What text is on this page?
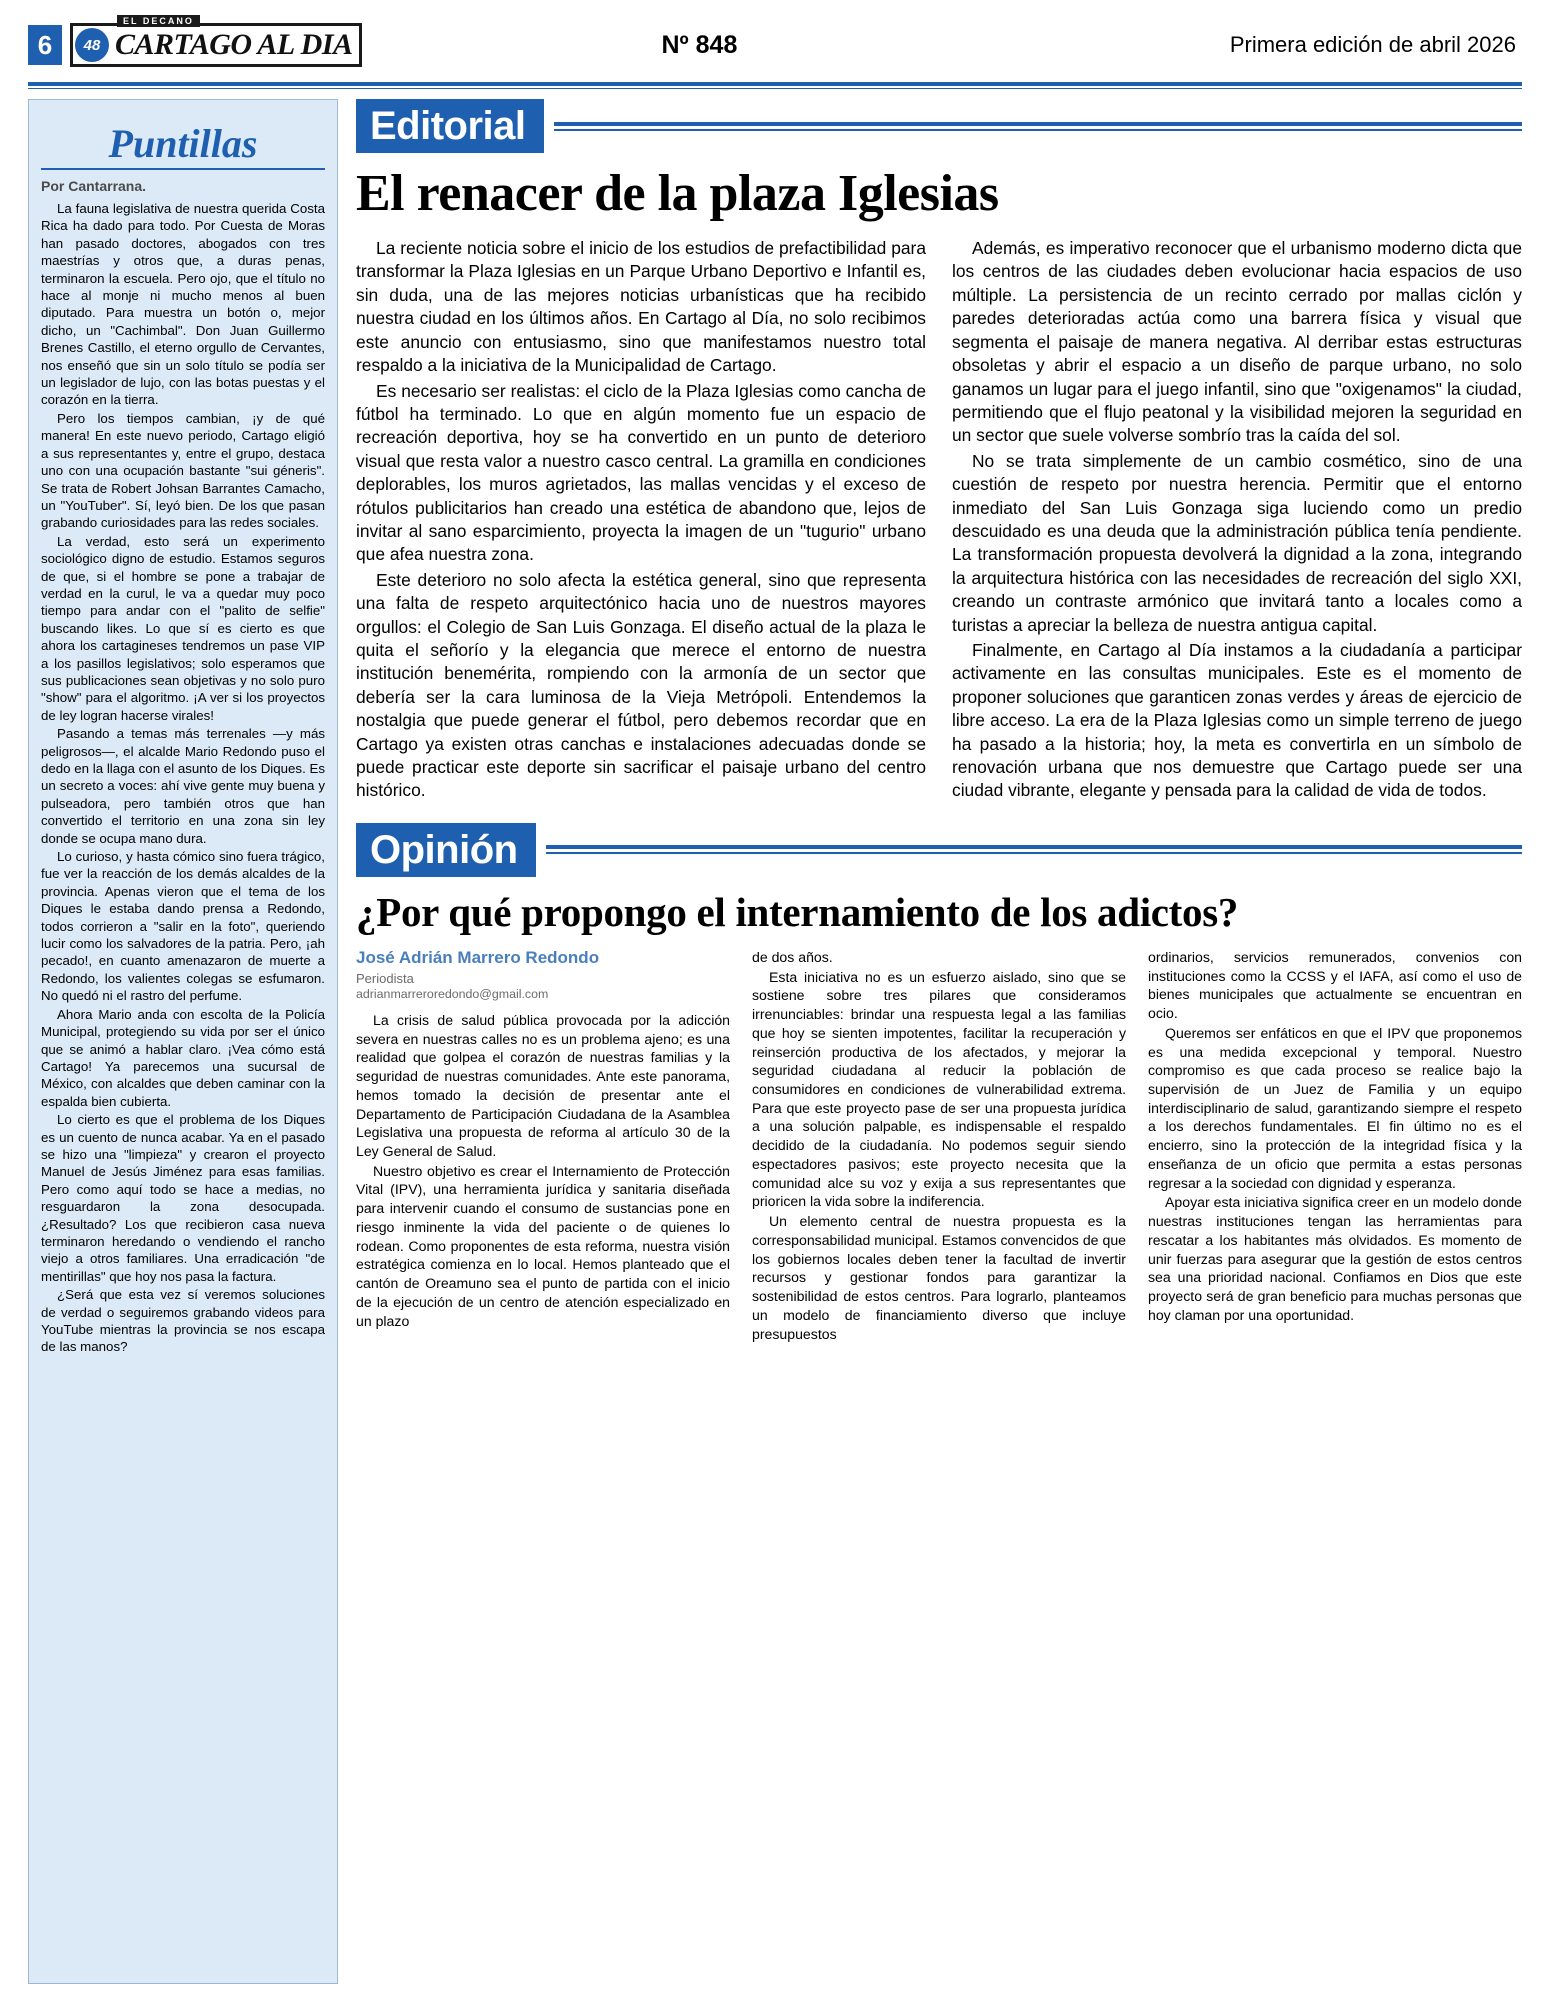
6
EL DECANO
48 CARTAGO AL DIA	Nº 848	Primera edición de abril 2026
Puntillas
Por Cantarrana.

La fauna legislativa de nuestra querida Costa Rica ha dado para todo. Por Cuesta de Moras han pasado doctores, abogados con tres maestrías y otros que, a duras penas, terminaron la escuela. Pero ojo, que el título no hace al monje ni mucho menos al buen diputado. Para muestra un botón o, mejor dicho, un "Cachimbal". Don Juan Guillermo Brenes Castillo, el eterno orgullo de Cervantes, nos enseñó que sin un solo título se podía ser un legislador de lujo, con las botas puestas y el corazón en la tierra.

Pero los tiempos cambian, ¡y de qué manera! En este nuevo periodo, Cartago eligió a sus representantes y, entre el grupo, destaca uno con una ocupación bastante "sui géneris". Se trata de Robert Johsan Barrantes Camacho, un "YouTuber". Sí, leyó bien. De los que pasan grabando curiosidades para las redes sociales.

La verdad, esto será un experimento sociológico digno de estudio. Estamos seguros de que, si el hombre se pone a trabajar de verdad en la curul, le va a quedar muy poco tiempo para andar con el "palito de selfie" buscando likes. Lo que sí es cierto es que ahora los cartagineses tendremos un pase VIP a los pasillos legislativos; solo esperamos que sus publicaciones sean objetivas y no solo puro "show" para el algoritmo. ¡A ver si los proyectos de ley logran hacerse virales!

Pasando a temas más terrenales —y más peligrosos—, el alcalde Mario Redondo puso el dedo en la llaga con el asunto de los Diques. Es un secreto a voces: ahí vive gente muy buena y pulseadora, pero también otros que han convertido el territorio en una zona sin ley donde se ocupa mano dura.

Lo curioso, y hasta cómico sino fuera trágico, fue ver la reacción de los demás alcaldes de la provincia. Apenas vieron que el tema de los Diques le estaba dando prensa a Redondo, todos corrieron a "salir en la foto", queriendo lucir como los salvadores de la patria. Pero, ¡ah pecado!, en cuanto amenazaron de muerte a Redondo, los valientes colegas se esfumaron. No quedó ni el rastro del perfume.

Ahora Mario anda con escolta de la Policía Municipal, protegiendo su vida por ser el único que se animó a hablar claro. ¡Vea cómo está Cartago! Ya parecemos una sucursal de México, con alcaldes que deben caminar con la espalda bien cubierta.

Lo cierto es que el problema de los Diques es un cuento de nunca acabar. Ya en el pasado se hizo una "limpieza" y crearon el proyecto Manuel de Jesús Jiménez para esas familias. Pero como aquí todo se hace a medias, no resguardaron la zona desocupada. ¿Resultado? Los que recibieron casa nueva terminaron heredando o vendiendo el rancho viejo a otros familiares. Una erradicación "de mentirillas" que hoy nos pasa la factura.

¿Será que esta vez sí veremos soluciones de verdad o seguiremos grabando videos para YouTube mientras la provincia se nos escapa de las manos?

Editorial
El renacer de la plaza Iglesias

La reciente noticia sobre el inicio de los estudios de prefactibilidad para transformar la Plaza Iglesias en un Parque Urbano Deportivo e Infantil es, sin duda, una de las mejores noticias urbanísticas que ha recibido nuestra ciudad en los últimos años. En Cartago al Día, no solo recibimos este anuncio con entusiasmo, sino que manifestamos nuestro total respaldo a la iniciativa de la Municipalidad de Cartago.

Es necesario ser realistas: el ciclo de la Plaza Iglesias como cancha de fútbol ha terminado. Lo que en algún momento fue un espacio de recreación deportiva, hoy se ha convertido en un punto de deterioro visual que resta valor a nuestro casco central. La gramilla en condiciones deplorables, los muros agrietados, las mallas vencidas y el exceso de rótulos publicitarios han creado una estética de abandono que, lejos de invitar al sano esparcimiento, proyecta la imagen de un "tugurio" urbano que afea nuestra zona.

Este deterioro no solo afecta la estética general, sino que representa una falta de respeto arquitectónico hacia uno de nuestros mayores orgullos: el Colegio de San Luis Gonzaga. El diseño actual de la plaza le quita el señorío y la elegancia que merece el entorno de nuestra institución benemérita, rompiendo con la armonía de un sector que debería ser la cara luminosa de la Vieja Metrópoli. Entendemos la nostalgia que puede generar el fútbol, pero debemos recordar que en Cartago ya existen otras canchas e instalaciones adecuadas donde se puede practicar este deporte sin sacrificar el paisaje urbano del centro histórico.

Además, es imperativo reconocer que el urbanismo moderno dicta que los centros de las ciudades deben evolucionar hacia espacios de uso múltiple. La persistencia de un recinto cerrado por mallas ciclón y paredes deterioradas actúa como una barrera física y visual que segmenta el paisaje de manera negativa. Al derribar estas estructuras obsoletas y abrir el espacio a un diseño de parque urbano, no solo ganamos un lugar para el juego infantil, sino que "oxigenamos" la ciudad, permitiendo que el flujo peatonal y la visibilidad mejoren la seguridad en un sector que suele volverse sombrío tras la caída del sol.

No se trata simplemente de un cambio cosmético, sino de una cuestión de respeto por nuestra herencia. Permitir que el entorno inmediato del San Luis Gonzaga siga luciendo como un predio descuidado es una deuda que la administración pública tenía pendiente. La transformación propuesta devolverá la dignidad a la zona, integrando la arquitectura histórica con las necesidades de recreación del siglo XXI, creando un contraste armónico que invitará tanto a locales como a turistas a apreciar la belleza de nuestra antigua capital.

Finalmente, en Cartago al Día instamos a la ciudadanía a participar activamente en las consultas municipales. Este es el momento de proponer soluciones que garanticen zonas verdes y áreas de ejercicio de libre acceso. La era de la Plaza Iglesias como un simple terreno de juego ha pasado a la historia; hoy, la meta es convertirla en un símbolo de renovación urbana que nos demuestre que Cartago puede ser una ciudad vibrante, elegante y pensada para la calidad de vida de todos.

Opinión
¿Por qué propongo el internamiento de los adictos?
José Adrián Marrero Redondo
Periodista
adrianmarreroredondo@gmail.com

La crisis de salud pública provocada por la adicción severa en nuestras calles no es un problema ajeno; es una realidad que golpea el corazón de nuestras familias y la seguridad de nuestras comunidades. Ante este panorama, hemos tomado la decisión de presentar ante el Departamento de Participación Ciudadana de la Asamblea Legislativa una propuesta de reforma al artículo 30 de la Ley General de Salud.

Nuestro objetivo es crear el Internamiento de Protección Vital (IPV), una herramienta jurídica y sanitaria diseñada para intervenir cuando el consumo de sustancias pone en riesgo inminente la vida del paciente o de quienes lo rodean. Como proponentes de esta reforma, nuestra visión estratégica comienza en lo local. Hemos planteado que el cantón de Oreamuno sea el punto de partida con el inicio de la ejecución de un centro de atención especializado en un plazo

de dos años.

Esta iniciativa no es un esfuerzo aislado, sino que se sostiene sobre tres pilares que consideramos irrenunciables: brindar una respuesta legal a las familias que hoy se sienten impotentes, facilitar la recuperación y reinserción productiva de los afectados, y mejorar la seguridad ciudadana al reducir la población de consumidores en condiciones de vulnerabilidad extrema. Para que este proyecto pase de ser una propuesta jurídica a una solución palpable, es indispensable el respaldo decidido de la ciudadanía. No podemos seguir siendo espectadores pasivos; este proyecto necesita que la comunidad alce su voz y exija a sus representantes que prioricen la vida sobre la indiferencia.

Un elemento central de nuestra propuesta es la corresponsabilidad municipal. Estamos convencidos de que los gobiernos locales deben tener la facultad de invertir recursos y gestionar fondos para garantizar la sostenibilidad de estos centros. Para lograrlo, planteamos un modelo de financiamiento diverso que incluye presupuestos

ordinarios, servicios remunerados, convenios con instituciones como la CCSS y el IAFA, así como el uso de bienes municipales que actualmente se encuentran en ocio.

Queremos ser enfáticos en que el IPV que proponemos es una medida excepcional y temporal. Nuestro compromiso es que cada proceso se realice bajo la supervisión de un Juez de Familia y un equipo interdisciplinario de salud, garantizando siempre el respeto a los derechos fundamentales. El fin último no es el encierro, sino la protección de la integridad física y la enseñanza de un oficio que permita a estas personas regresar a la sociedad con dignidad y esperanza.

Apoyar esta iniciativa significa creer en un modelo donde nuestras instituciones tengan las herramientas para rescatar a los habitantes más olvidados. Es momento de unir fuerzas para asegurar que la gestión de estos centros sea una prioridad nacional. Confiamos en Dios que este proyecto será de gran beneficio para muchas personas que hoy claman por una oportunidad.
